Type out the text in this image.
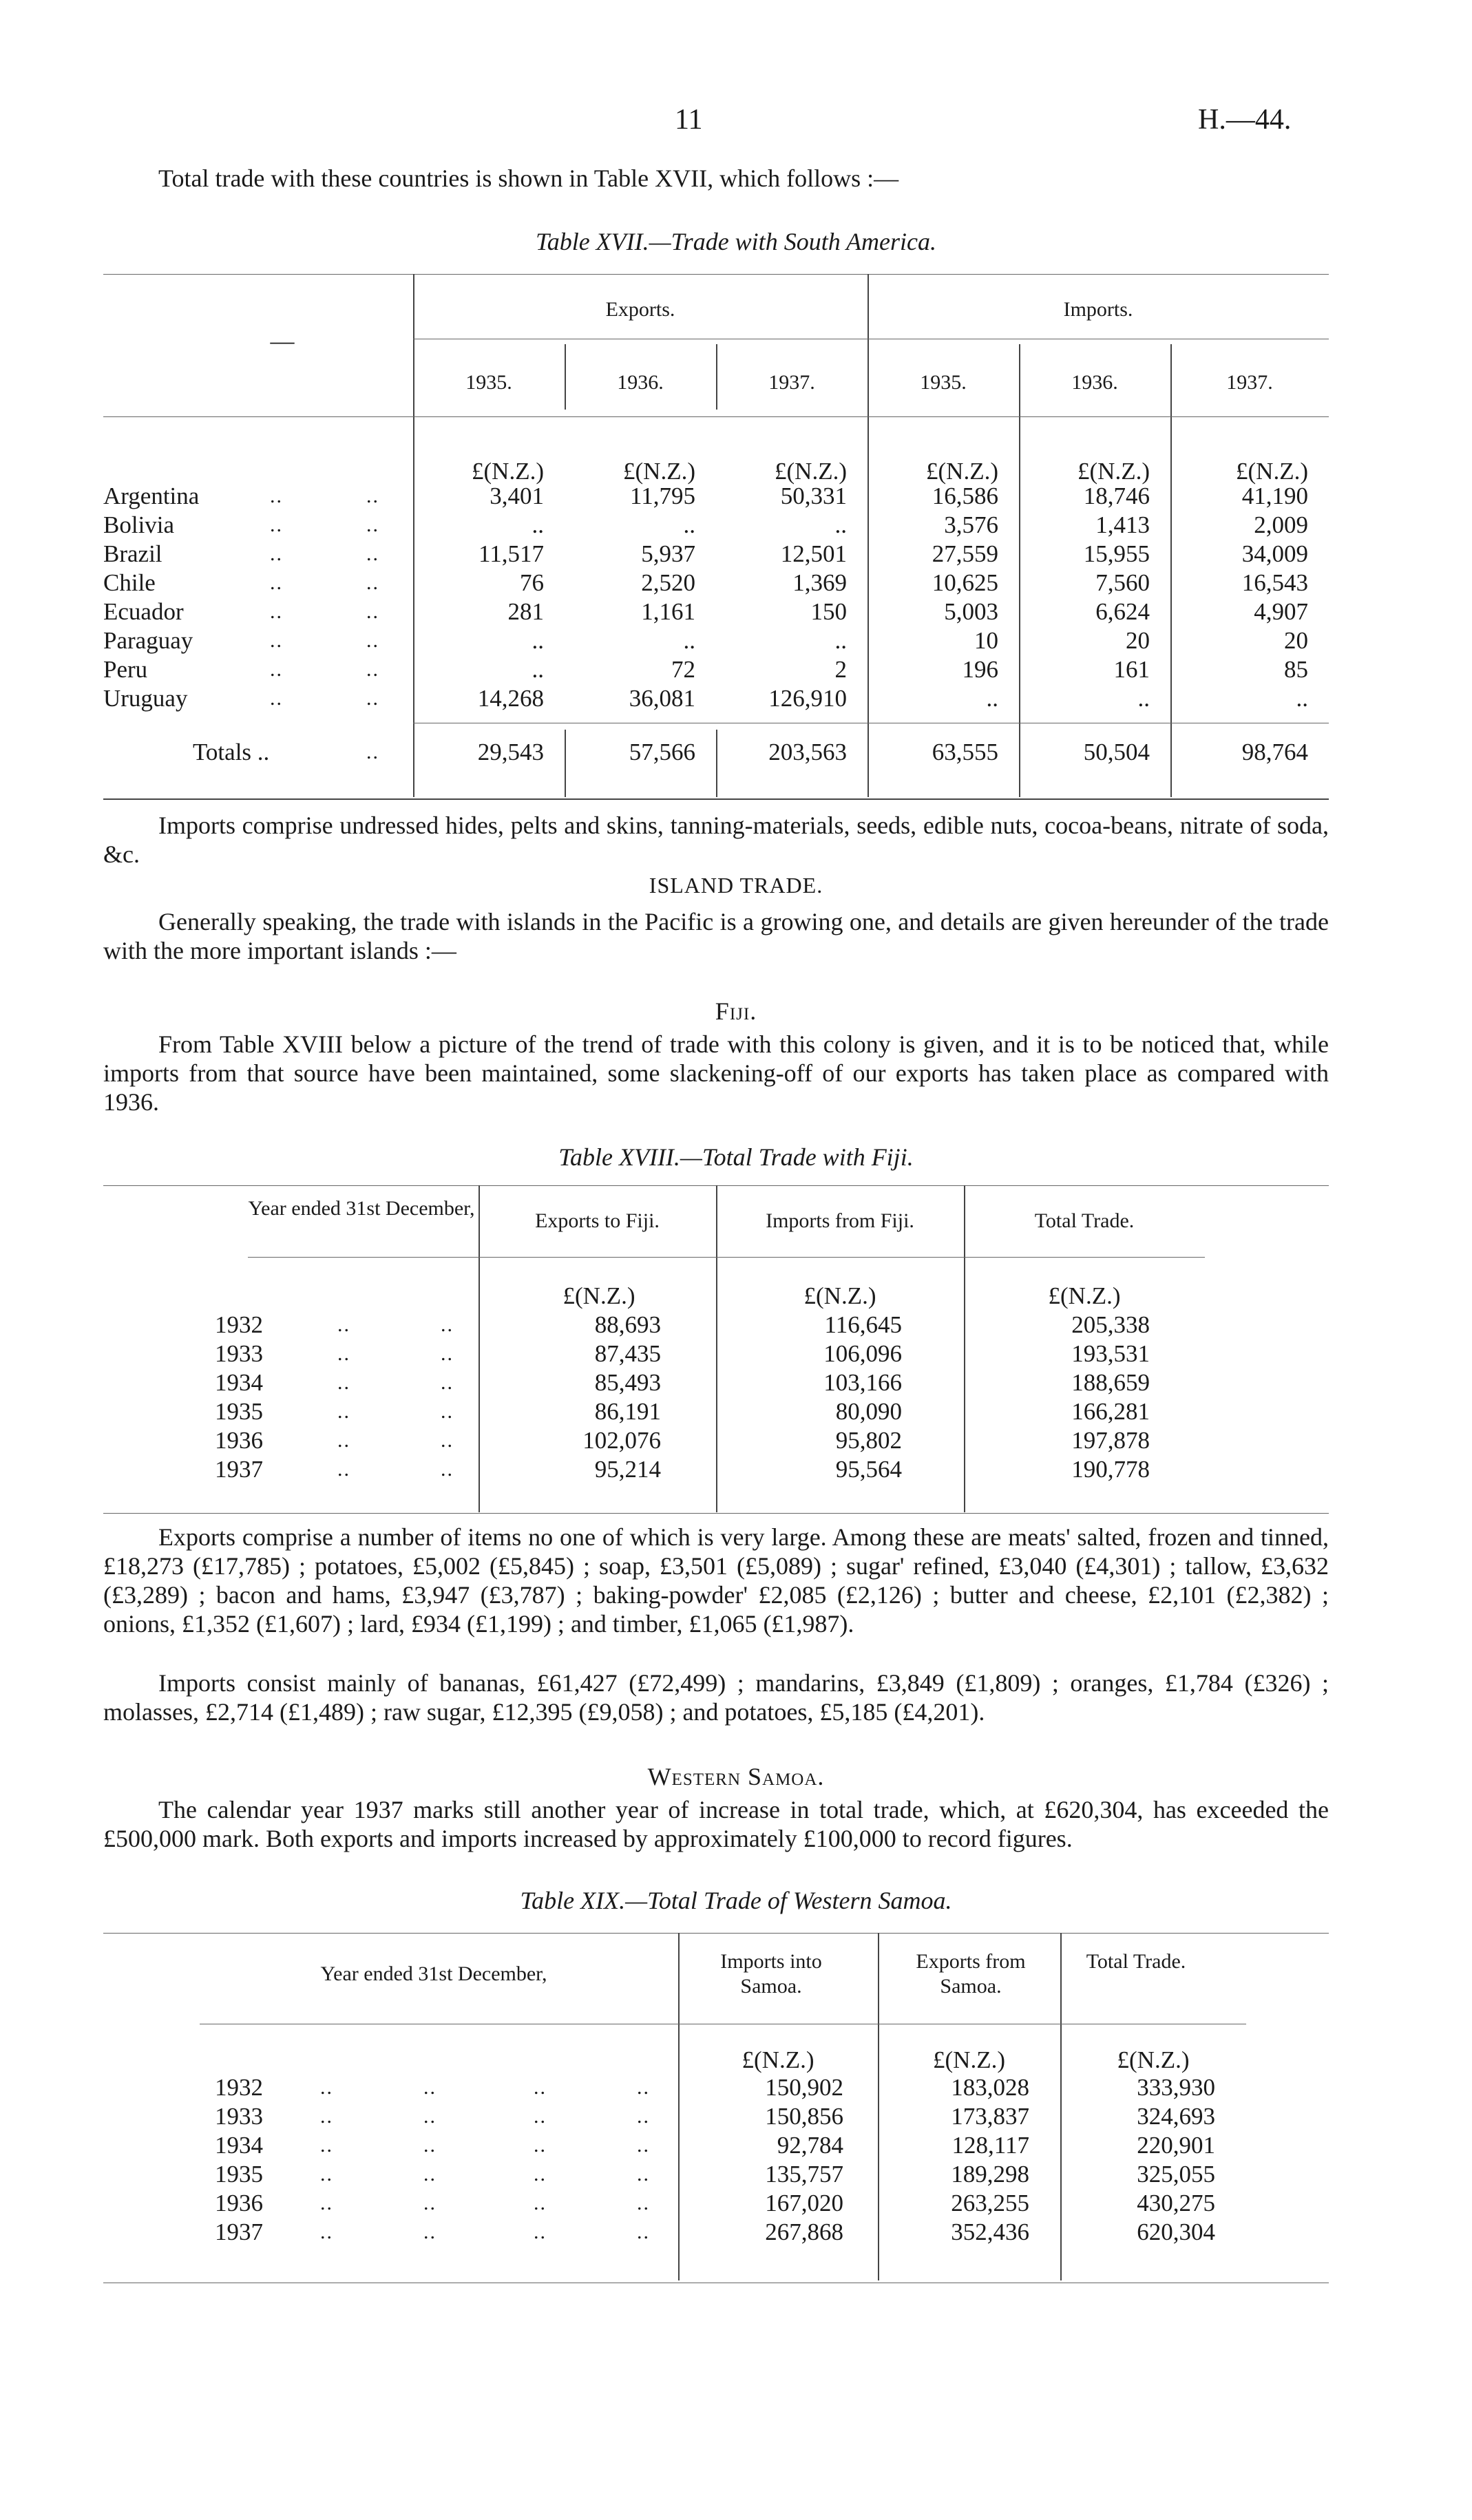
11	H.—44.

Total trade with these countries is shown in Table XVII, which follows :—

Table XVII.—Trade with South America.
—
Exports.	Imports.
1935.	1936.	1937.	1935.	1936.	1937.
£(N.Z.)	£(N.Z.)	£(N.Z.)	£(N.Z.)	£(N.Z.)	£(N.Z.)
Argentina	..	..	3,401	11,795	50,331	16,586	18,746	41,190
Bolivia	..	..	..	..	..	3,576	1,413	2,009
Brazil	..	..	11,517	5,937	12,501	27,559	15,955	34,009
Chile	..	..	76	2,520	1,369	10,625	7,560	16,543
Ecuador	..	..	281	1,161	150	5,003	6,624	4,907
Paraguay	..	..	..	..	..	10	20	20
Peru	..	..	..	72	2	196	161	85
Uruguay	..	..	14,268	36,081	126,910	..	..	..
Totals ..	..	29,543	57,566	203,563	63,555	50,504	98,764

Imports comprise undressed hides, pelts and skins, tanning-materials, seeds, edible nuts, cocoa-beans, nitrate of soda, &c.

ISLAND TRADE.

Generally speaking, the trade with islands in the Pacific is a growing one, and details are given hereunder of the trade with the more important islands :—

Fiji.

From Table XVIII below a picture of the trend of trade with this colony is given, and it is to be noticed that, while imports from that source have been maintained, some slackening-off of our exports has taken place as compared with 1936.

Table XVIII.—Total Trade with Fiji.
Year ended 31st December,
Exports to Fiji.	Imports from Fiji.	Total Trade.
£(N.Z.)	£(N.Z.)	£(N.Z.)
1932	..	..	88,693	116,645	205,338
1933	..	..	87,435	106,096	193,531
1934	..	..	85,493	103,166	188,659
1935	..	..	86,191	80,090	166,281
1936	..	..	102,076	95,802	197,878
1937	..	..	95,214	95,564	190,778

Exports comprise a number of items no one of which is very large. Among these are meats' salted, frozen and tinned, £18,273 (£17,785) ; potatoes, £5,002 (£5,845) ; soap, £3,501 (£5,089) ; sugar' refined, £3,040 (£4,301) ; tallow, £3,632 (£3,289) ; bacon and hams, £3,947 (£3,787) ; baking-powder' £2,085 (£2,126) ; butter and cheese, £2,101 (£2,382) ; onions, £1,352 (£1,607) ; lard, £934 (£1,199) ; and timber, £1,065 (£1,987).

Imports consist mainly of bananas, £61,427 (£72,499) ; mandarins, £3,849 (£1,809) ; oranges, £1,784 (£326) ; molasses, £2,714 (£1,489) ; raw sugar, £12,395 (£9,058) ; and potatoes, £5,185 (£4,201).

Western Samoa.

The calendar year 1937 marks still another year of increase in total trade, which, at £620,304, has exceeded the £500,000 mark. Both exports and imports increased by approximately £100,000 to record figures.

Table XIX.—Total Trade of Western Samoa.
Year ended 31st December,
Imports into Samoa.
Exports from Samoa.
Total Trade.
£(N.Z.)	£(N.Z.)	£(N.Z.)
1932	..	..	..	..	150,902	183,028	333,930
1933	..	..	..	..	150,856	173,837	324,693
1934	..	..	..	..	92,784	128,117	220,901
1935	..	..	..	..	135,757	189,298	325,055
1936	..	..	..	..	167,020	263,255	430,275
1937	..	..	..	..	267,868	352,436	620,304
